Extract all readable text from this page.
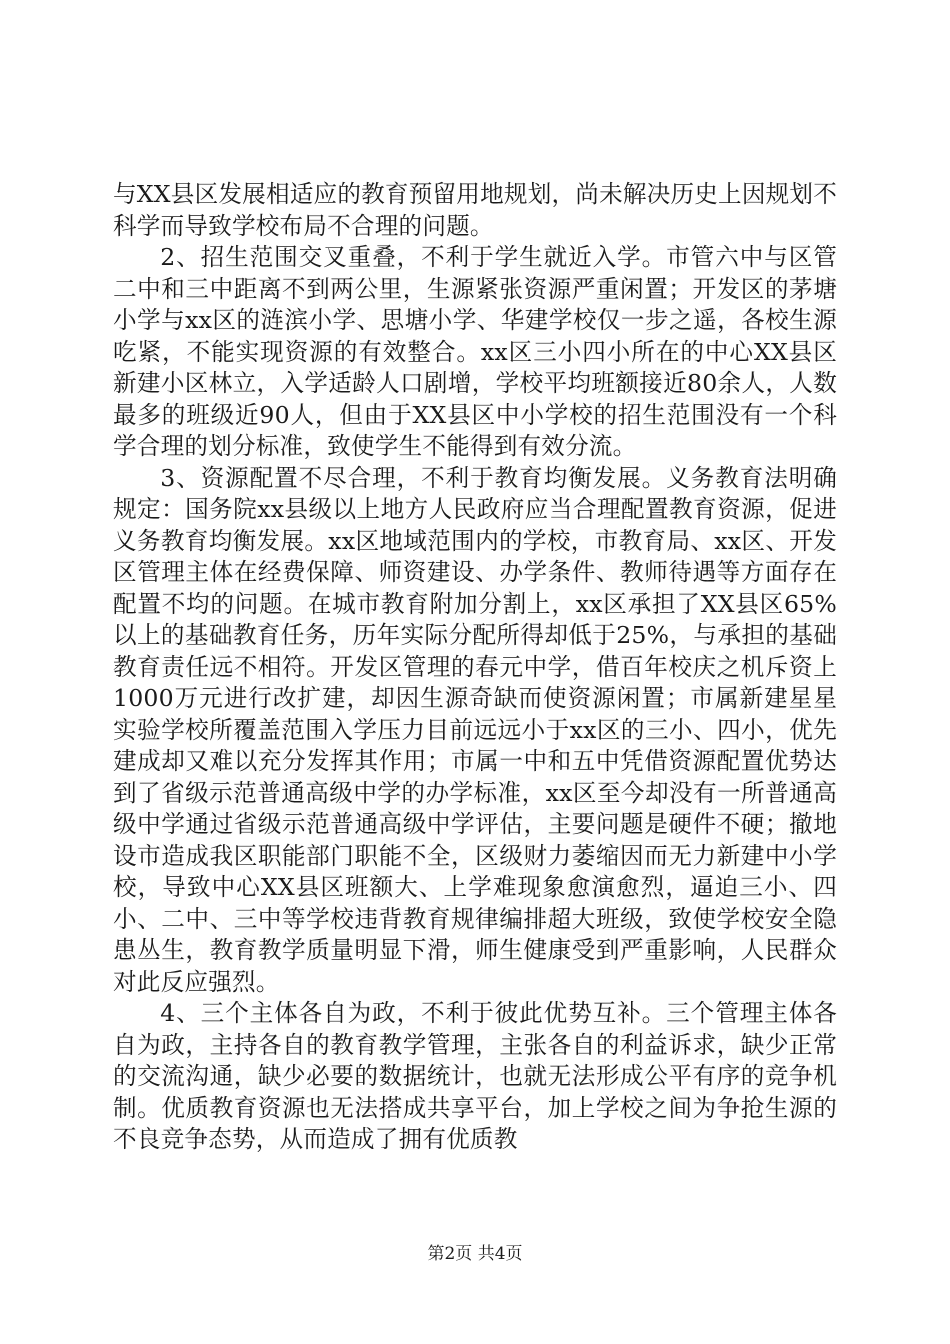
与XX县区发展相适应的教育预留用地规划，尚未解决历史上因规划不科学而导致学校布局不合理的问题。

2、招生范围交叉重叠，不利于学生就近入学。市管六中与区管二中和三中距离不到两公里，生源紧张资源严重闲置；开发区的茅塘小学与xx区的涟滨小学、思塘小学、华建学校仅一步之遥，各校生源吃紧，不能实现资源的有效整合。xx区三小四小所在的中心XX县区新建小区林立，入学适龄人口剧增，学校平均班额接近80余人，人数最多的班级近90人，但由于XX县区中小学校的招生范围没有一个科学合理的划分标准，致使学生不能得到有效分流。

3、资源配置不尽合理，不利于教育均衡发展。义务教育法明确规定：国务院xx县级以上地方人民政府应当合理配置教育资源，促进义务教育均衡发展。xx区地域范围内的学校，市教育局、xx区、开发区管理主体在经费保障、师资建设、办学条件、教师待遇等方面存在配置不均的问题。在城市教育附加分割上，xx区承担了XX县区65%以上的基础教育任务，历年实际分配所得却低于25%，与承担的基础教育责任远不相符。开发区管理的春元中学，借百年校庆之机斥资上1000万元进行改扩建，却因生源奇缺而使资源闲置；市属新建星星实验学校所覆盖范围入学压力目前远远小于xx区的三小、四小，优先建成却又难以充分发挥其作用；市属一中和五中凭借资源配置优势达到了省级示范普通高级中学的办学标准，xx区至今却没有一所普通高级中学通过省级示范普通高级中学评估，主要问题是硬件不硬；撤地设市造成我区职能部门职能不全，区级财力萎缩因而无力新建中小学校，导致中心XX县区班额大、上学难现象愈演愈烈，逼迫三小、四小、二中、三中等学校违背教育规律编排超大班级，致使学校安全隐患丛生，教育教学质量明显下滑，师生健康受到严重影响，人民群众对此反应强烈。

4、三个主体各自为政，不利于彼此优势互补。三个管理主体各自为政，主持各自的教育教学管理，主张各自的利益诉求，缺少正常的交流沟通，缺少必要的数据统计，也就无法形成公平有序的竞争机制。优质教育资源也无法搭成共享平台，加上学校之间为争抢生源的不良竞争态势，从而造成了拥有优质教

第2页 共4页
